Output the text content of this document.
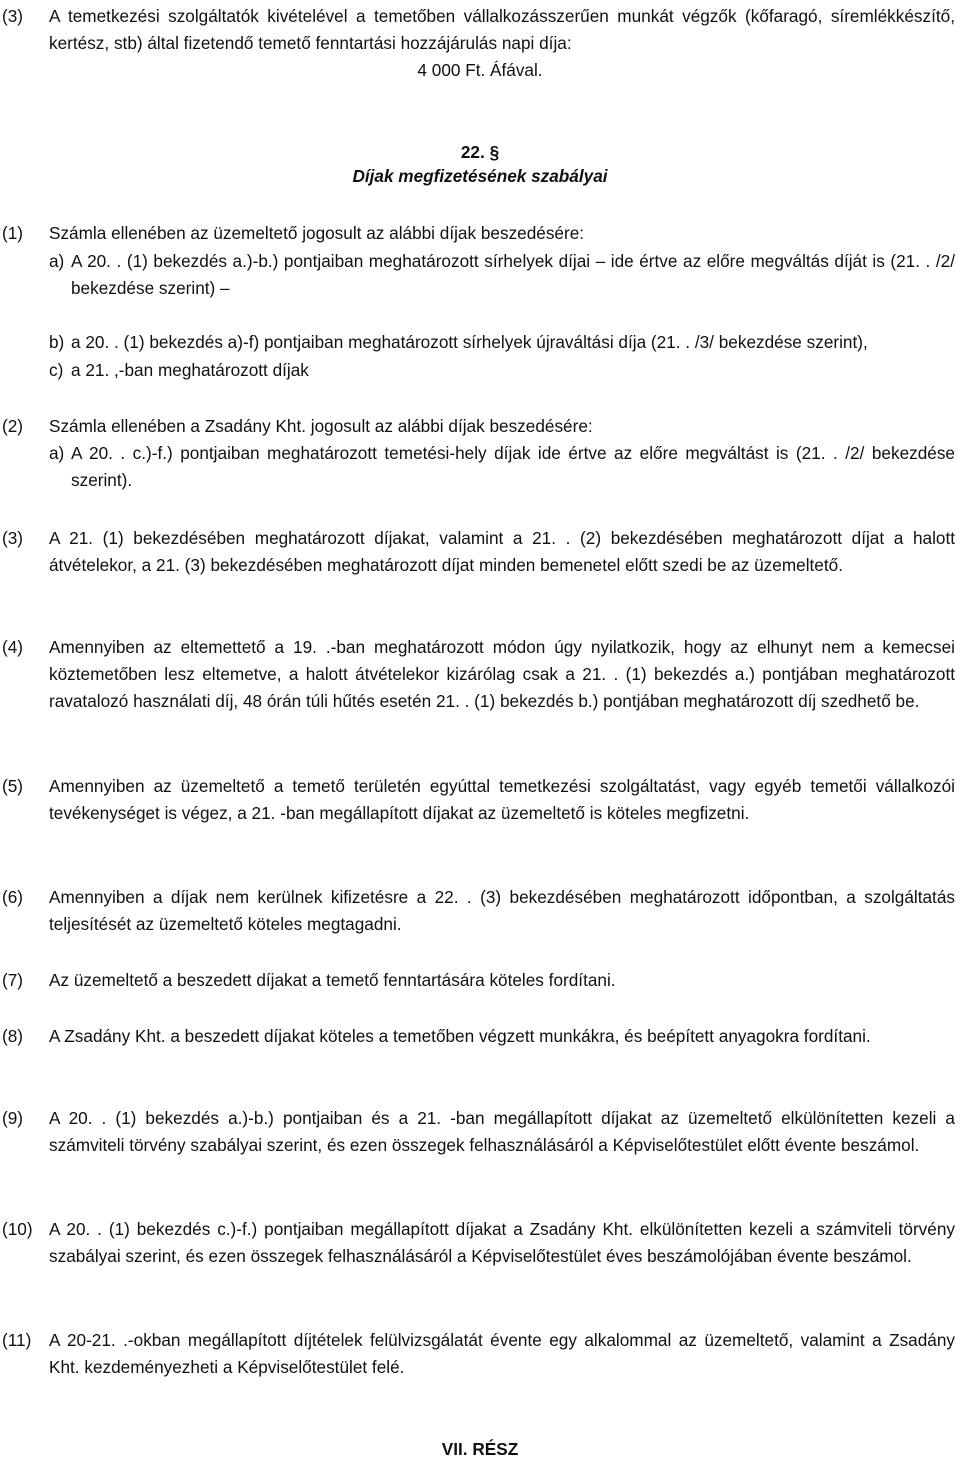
(3) A temetkezési szolgáltatók kivételével a temetőben vállalkozásszerűen munkát végzők (kőfaragó, síremlékkészítő, kertész, stb) által fizetendő temető fenntartási hozzájárulás napi díja:
4 000 Ft. Áfával.
22. §
Díjak megfizetésének szabályai
(1) Számla ellenében az üzemeltető jogosult az alábbi díjak beszedésére:
a) A 20. . (1) bekezdés a.)-b.) pontjaiban meghatározott sírhelyek díjai – ide értve az előre megváltás díját is (21. . /2/ bekezdése szerint) –
b) a 20. . (1) bekezdés a)-f) pontjaiban meghatározott sírhelyek újraváltási díja (21. . /3/ bekezdése szerint),
c) a 21. ,-ban meghatározott díjak
(2) Számla ellenében a Zsadány Kht. jogosult az alábbi díjak beszedésére:
a) A 20. . c.)-f.) pontjaiban meghatározott temetési-hely díjak ide értve az előre megváltást is (21. . /2/ bekezdése szerint).
(3) A 21. (1) bekezdésében meghatározott díjakat, valamint a 21. . (2) bekezdésében meghatározott díjat a halott átvételekor, a 21. (3) bekezdésében meghatározott díjat minden bemenetel előtt szedi be az üzemeltető.
(4) Amennyiben az eltemettető a 19. .-ban meghatározott módon úgy nyilatkozik, hogy az elhunyt nem a kemecsei köztemetőben lesz eltemetve, a halott átvételekor kizárólag csak a 21. . (1) bekezdés a.) pontjában meghatározott ravatalozó használati díj, 48 órán túli hűtés esetén 21. . (1) bekezdés b.) pontjában meghatározott díj szedhető be.
(5) Amennyiben az üzemeltető a temető területén egyúttal temetkezési szolgáltatást, vagy egyéb temetői vállalkozói tevékenységet is végez, a 21. -ban megállapított díjakat az üzemeltető is köteles megfizetni.
(6) Amennyiben a díjak nem kerülnek kifizetésre a 22. . (3) bekezdésében meghatározott időpontban, a szolgáltatás teljesítését az üzemeltető köteles megtagadni.
(7) Az üzemeltető a beszedett díjakat a temető fenntartására köteles fordítani.
(8) A Zsadány Kht. a beszedett díjakat köteles a temetőben végzett munkákra, és beépített anyagokra fordítani.
(9) A 20. . (1) bekezdés a.)-b.) pontjaiban és a 21. -ban megállapított díjakat az üzemeltető elkülönítetten kezeli a számviteli törvény szabályai szerint, és ezen összegek felhasználásáról a Képviselőtestület előtt évente beszámol.
(10) A 20. . (1) bekezdés c.)-f.) pontjaiban megállapított díjakat a Zsadány Kht. elkülönítetten kezeli a számviteli törvény szabályai szerint, és ezen összegek felhasználásáról a Képviselőtestület éves beszámolójában évente beszámol.
(11) A 20-21. .-okban megállapított díjtételek felülvizsgálatát évente egy alkalommal az üzemeltető, valamint a Zsadány Kht. kezdeményezheti a Képviselőtestület felé.
VII. RÉSZ
